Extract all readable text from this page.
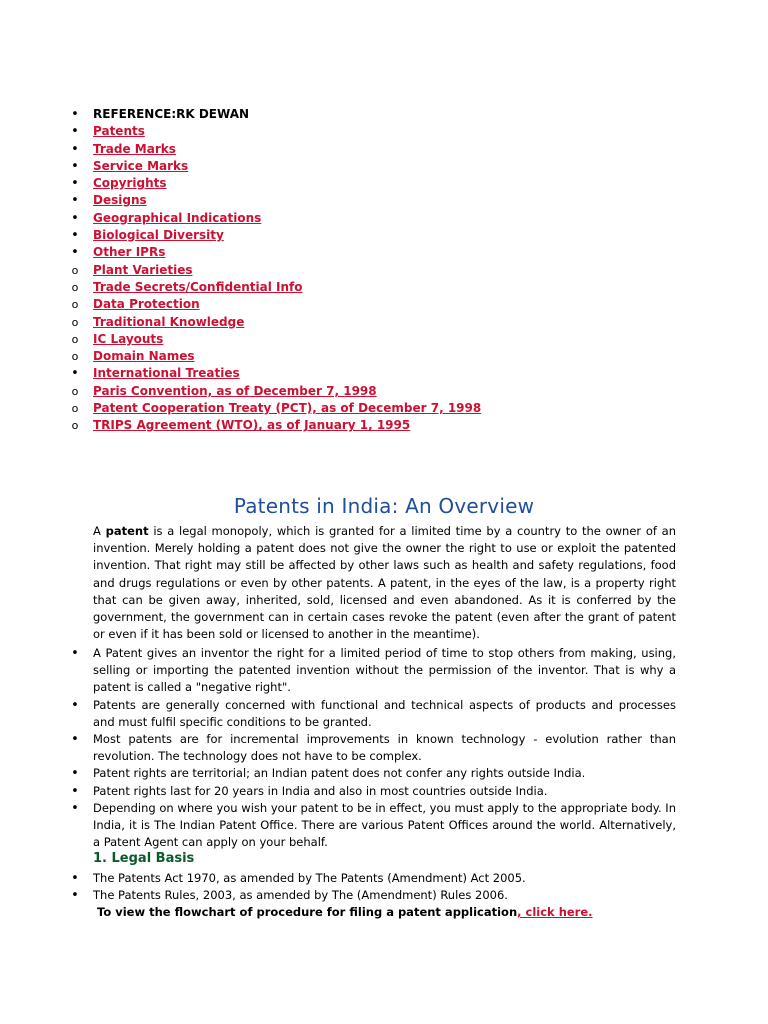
•
REFERENCE:RK DEWAN
•
Patents
•
Trade Marks
•
Service Marks
•
Copyrights
•
Designs
•
Geographical Indications
•
Biological Diversity
•
Other IPRs
o
Plant Varieties
o
Trade Secrets/Confidential Info
o
Data Protection
o
Traditional Knowledge
o
IC Layouts
o
Domain Names
•
International Treaties
o
Paris Convention, as of December 7, 1998
o
Patent Cooperation Treaty (PCT), as of December 7, 1998
o
TRIPS Agreement (WTO), as of January 1, 1995
Patents in India: An Overview

A patent is a legal monopoly, which is granted for a limited time by a country to the owner of an invention. Merely holding a patent does not give the owner the right to use or exploit the patented invention. That right may still be affected by other laws such as health and safety regulations, food and drugs regulations or even by other patents. A patent, in the eyes of the law, is a property right that can be given away, inherited, sold, licensed and even abandoned. As it is conferred by the government, the government can in certain cases revoke the patent (even after the grant of patent or even if it has been sold or licensed to another in the meantime).

•
A Patent gives an inventor the right for a limited period of time to stop others from making, using, selling or importing the patented invention without the permission of the inventor. That is why a patent is called a "negative right".
•
Patents are generally concerned with functional and technical aspects of products and processes and must fulfil specific conditions to be granted.
•
Most patents are for incremental improvements in known technology - evolution rather than revolution. The technology does not have to be complex.
•
Patent rights are territorial; an Indian patent does not confer any rights outside India.
•
Patent rights last for 20 years in India and also in most countries outside India.
•
Depending on where you wish your patent to be in effect, you must apply to the appropriate body. In India, it is The Indian Patent Office. There are various Patent Offices around the world. Alternatively, a Patent Agent can apply on your behalf.
1. Legal Basis
•
The Patents Act 1970, as amended by The Patents (Amendment) Act 2005.
•
The Patents Rules, 2003, as amended by The (Amendment) Rules 2006.

To view the flowchart of procedure for filing a patent application, click here.
